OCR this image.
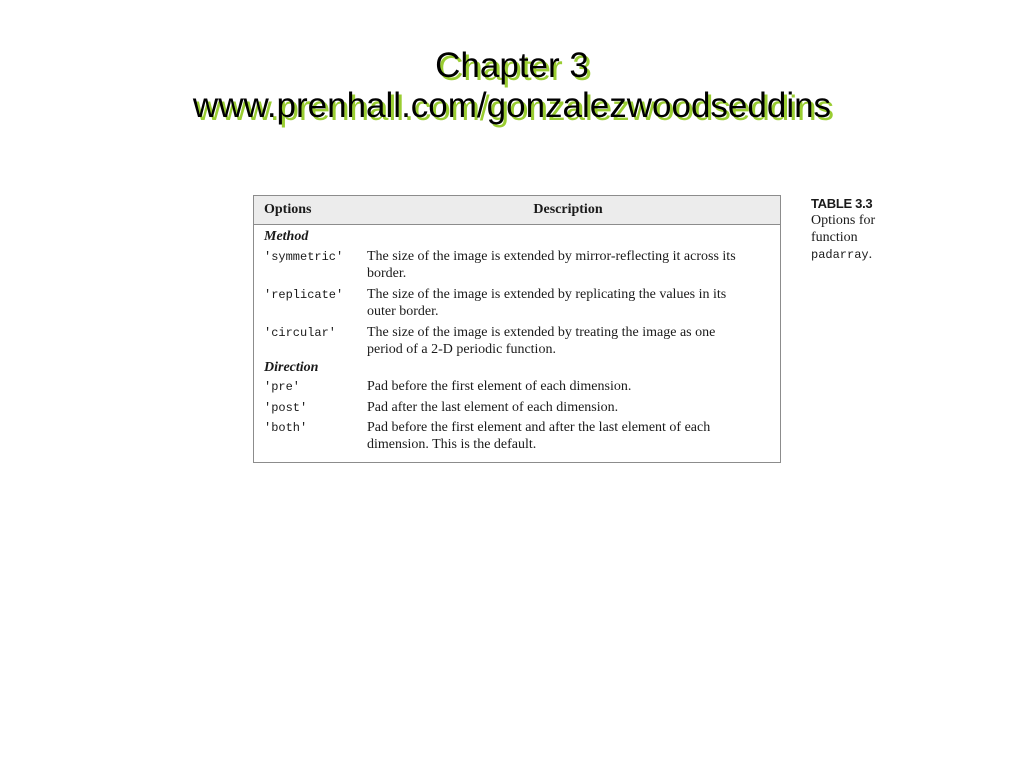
Chapter 3
www.prenhall.com/gonzalezwoodseddins
Options	Description
Method
'symmetric' The size of the image is extended by mirror-reflecting it across its
border.
'replicate' The size of the image is extended by replicating the values in its
outer border.
'circular' The size of the image is extended by treating the image as one
period of a 2-D periodic function.
Direction
'pre'	Pad before the first element of each dimension.
'post'	Pad after the last element of each dimension.
'both'	Pad before the first element and after the last element of each
dimension. This is the default.
TABLE 3.3
Options for
function
padarray.
